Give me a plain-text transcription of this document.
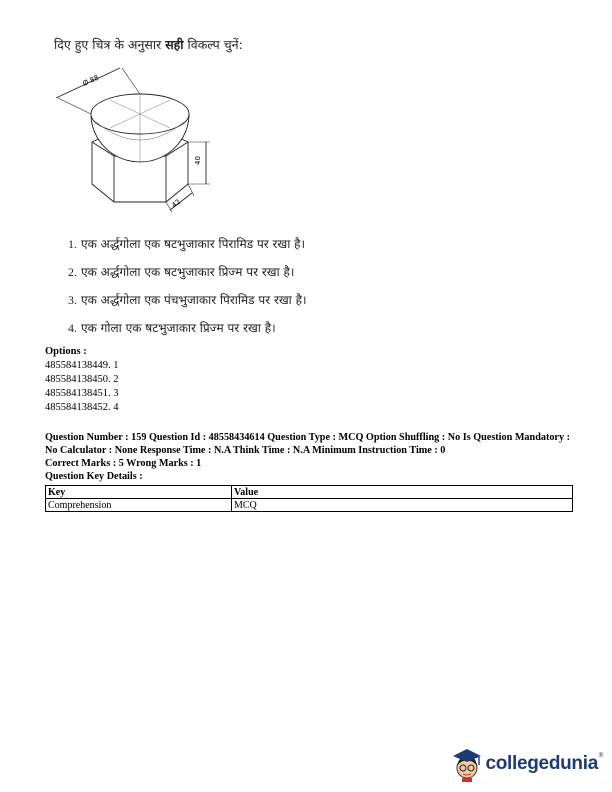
दिए हुए चित्र के अनुसार सही विकल्प चुनें:
Ø 88
40
42
1. एक अर्द्धगोला एक षटभुजाकार पिरामिड पर रखा है।
2. एक अर्द्धगोला एक षटभुजाकार प्रिज्म पर रखा है।
3. एक अर्द्धगोला एक पंचभुजाकार पिरामिड पर रखा है।
4. एक गोला एक षटभुजाकार प्रिज्म पर रखा है।
Options :
485584138449. 1
485584138450. 2
485584138451. 3
485584138452. 4
Question Number : 159 Question Id : 48558434614 Question Type : MCQ Option Shuffling : No Is Question Mandatory :
No Calculator : None Response Time : N.A Think Time : N.A Minimum Instruction Time : 0
Correct Marks : 5 Wrong Marks : 1
Question Key Details :
Key	Value
Comprehension	MCQ
collegedunia ®
